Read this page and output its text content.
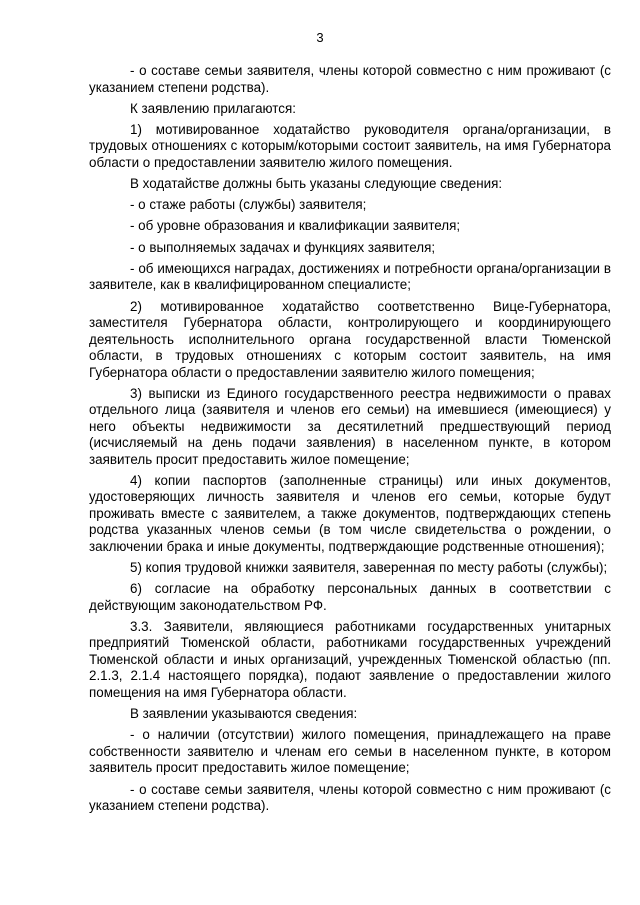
3

- о составе семьи заявителя, члены которой совместно с ним проживают (с указанием степени родства).

К заявлению прилагаются:

1) мотивированное ходатайство руководителя органа/организации, в трудовых отношениях с которым/которыми состоит заявитель, на имя Губернатора области о предоставлении заявителю жилого помещения.

В ходатайстве должны быть указаны следующие сведения:

- о стаже работы (службы) заявителя;

- об уровне образования и квалификации заявителя;

- о выполняемых задачах и функциях заявителя;

- об имеющихся наградах, достижениях и потребности органа/организации в заявителе, как в квалифицированном специалисте;

2) мотивированное ходатайство соответственно Вице-Губернатора, заместителя Губернатора области, контролирующего и координирующего деятельность исполнительного органа государственной власти Тюменской области, в трудовых отношениях с которым состоит заявитель, на имя Губернатора области о предоставлении заявителю жилого помещения;

3) выписки из Единого государственного реестра недвижимости о правах отдельного лица (заявителя и членов его семьи) на имевшиеся (имеющиеся) у него объекты недвижимости за десятилетний предшествующий период (исчисляемый на день подачи заявления) в населенном пункте, в котором заявитель просит предоставить жилое помещение;

4) копии паспортов (заполненные страницы) или иных документов, удостоверяющих личность заявителя и членов его семьи, которые будут проживать вместе с заявителем, а также документов, подтверждающих степень родства указанных членов семьи (в том числе свидетельства о рождении, о заключении брака и иные документы, подтверждающие родственные отношения);

5) копия трудовой книжки заявителя, заверенная по месту работы (службы);

6) согласие на обработку персональных данных в соответствии с действующим законодательством РФ.

3.3. Заявители, являющиеся работниками государственных унитарных предприятий Тюменской области, работниками государственных учреждений Тюменской области и иных организаций, учрежденных Тюменской областью (пп. 2.1.3, 2.1.4 настоящего порядка), подают заявление о предоставлении жилого помещения на имя Губернатора области.

В заявлении указываются сведения:

- о наличии (отсутствии) жилого помещения, принадлежащего на праве собственности заявителю и членам его семьи в населенном пункте, в котором заявитель просит предоставить жилое помещение;

- о составе семьи заявителя, члены которой совместно с ним проживают (с указанием степени родства).
